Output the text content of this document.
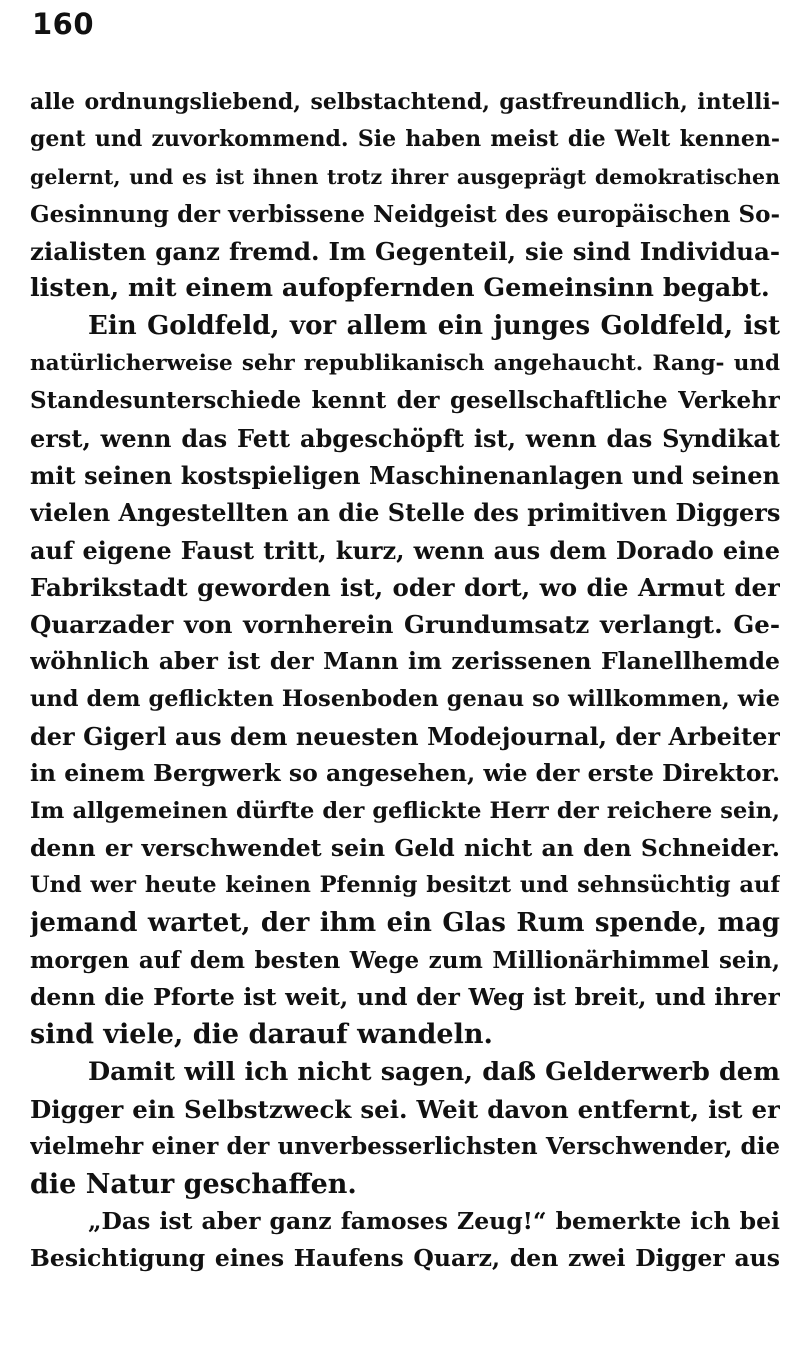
160
alle ordnungsliebend, selbstachtend, gastfreundlich, intelli-
gent und zuvorkommend. Sie haben meist die Welt kennen-
gelernt, und es ist ihnen trotz ihrer ausgeprägt demokratischen
Gesinnung der verbissene Neidgeist des europäischen So-
zialisten ganz fremd. Im Gegenteil, sie sind Individua-
listen, mit einem aufopfernden Gemeinsinn begabt.
Ein Goldfeld, vor allem ein junges Goldfeld, ist
natürlicherweise sehr republikanisch angehaucht. Rang- und
Standesunterschiede kennt der gesellschaftliche Verkehr
erst, wenn das Fett abgeschöpft ist, wenn das Syndikat
mit seinen kostspieligen Maschinenanlagen und seinen
vielen Angestellten an die Stelle des primitiven Diggers
auf eigene Faust tritt, kurz, wenn aus dem Dorado eine
Fabrikstadt geworden ist, oder dort, wo die Armut der
Quarzader von vornherein Grundumsatz verlangt. Ge-
wöhnlich aber ist der Mann im zerissenen Flanellhemde
und dem geflickten Hosenboden genau so willkommen, wie
der Gigerl aus dem neuesten Modejournal, der Arbeiter
in einem Bergwerk so angesehen, wie der erste Direktor.
Im allgemeinen dürfte der geflickte Herr der reichere sein,
denn er verschwendet sein Geld nicht an den Schneider.
Und wer heute keinen Pfennig besitzt und sehnsüchtig auf
jemand wartet, der ihm ein Glas Rum spende, mag
morgen auf dem besten Wege zum Millionärhimmel sein,
denn die Pforte ist weit, und der Weg ist breit, und ihrer
sind viele, die darauf wandeln.
Damit will ich nicht sagen, daß Gelderwerb dem
Digger ein Selbstzweck sei. Weit davon entfernt, ist er
vielmehr einer der unverbesserlichsten Verschwender, die
die Natur geschaffen.
„Das ist aber ganz famoses Zeug!“ bemerkte ich bei
Besichtigung eines Haufens Quarz, den zwei Digger aus
